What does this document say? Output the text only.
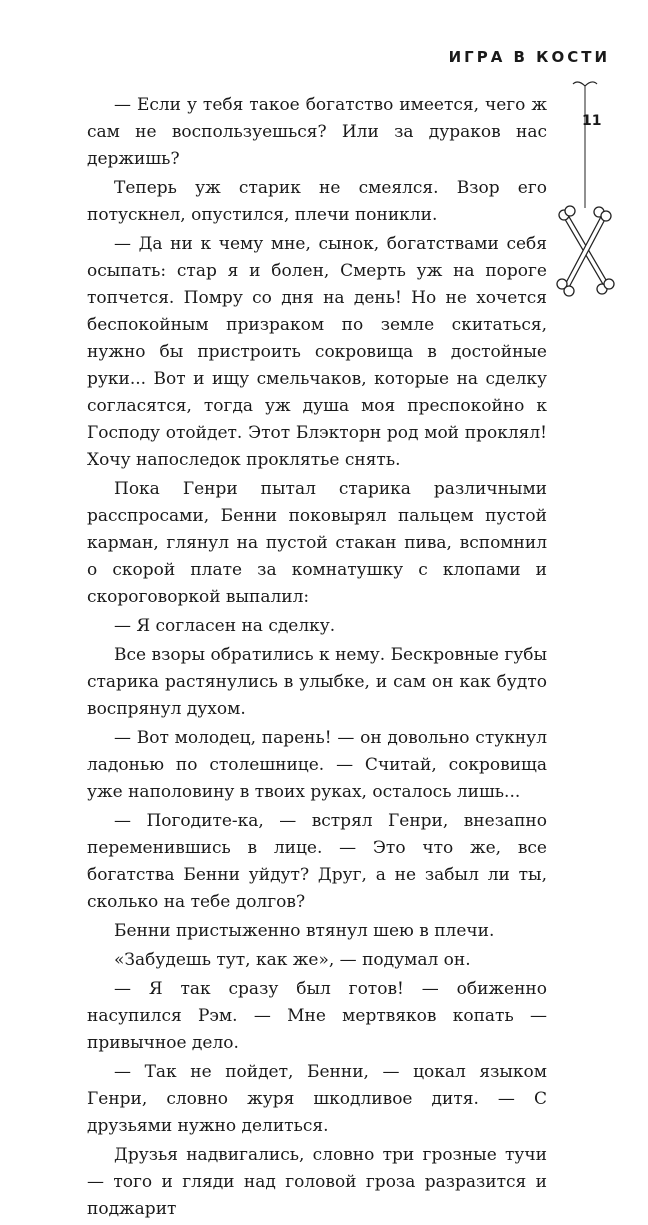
ИГРА В КОСТИ
11

— Если у тебя такое богатство имеется, чего ж сам не воспользуешься? Или за дураков нас держишь?

Теперь уж старик не смеялся. Взор его потускнел, опустился, плечи поникли.

— Да ни к чему мне, сынок, богатствами себя осыпать: стар я и болен, Смерть уж на пороге топчется. Помру со дня на день! Но не хочется беспокойным призраком по земле скитаться, нужно бы пристроить сокровища в достойные руки... Вот и ищу смельчаков, которые на сделку согласятся, тогда уж душа моя преспокойно к Господу отойдет. Этот Блэкторн род мой проклял! Хочу напоследок проклятье снять.

Пока Генри пытал старика различными расспросами, Бенни поковырял пальцем пустой карман, глянул на пустой стакан пива, вспомнил о скорой плате за комнатушку с клопами и скороговоркой выпалил:

— Я согласен на сделку.

Все взоры обратились к нему. Бескровные губы старика растянулись в улыбке, и сам он как будто воспрянул духом.

— Вот молодец, парень! — он довольно стукнул ладонью по столешнице. — Считай, сокровища уже наполовину в твоих руках, осталось лишь...

— Погодите-ка, — встрял Генри, внезапно переменившись в лице. — Это что же, все богатства Бенни уйдут? Друг, а не забыл ли ты, сколько на тебе долгов?

Бенни пристыженно втянул шею в плечи.

«Забудешь тут, как же», — подумал он.

— Я так сразу был готов! — обиженно насупился Рэм. — Мне мертвяков копать — привычное дело.

— Так не пойдет, Бенни, — цокал языком Генри, словно журя шкодливое дитя. — С друзьями нужно делиться.

Друзья надвигались, словно три грозные тучи — того и гляди над головой гроза разразится и поджарит
